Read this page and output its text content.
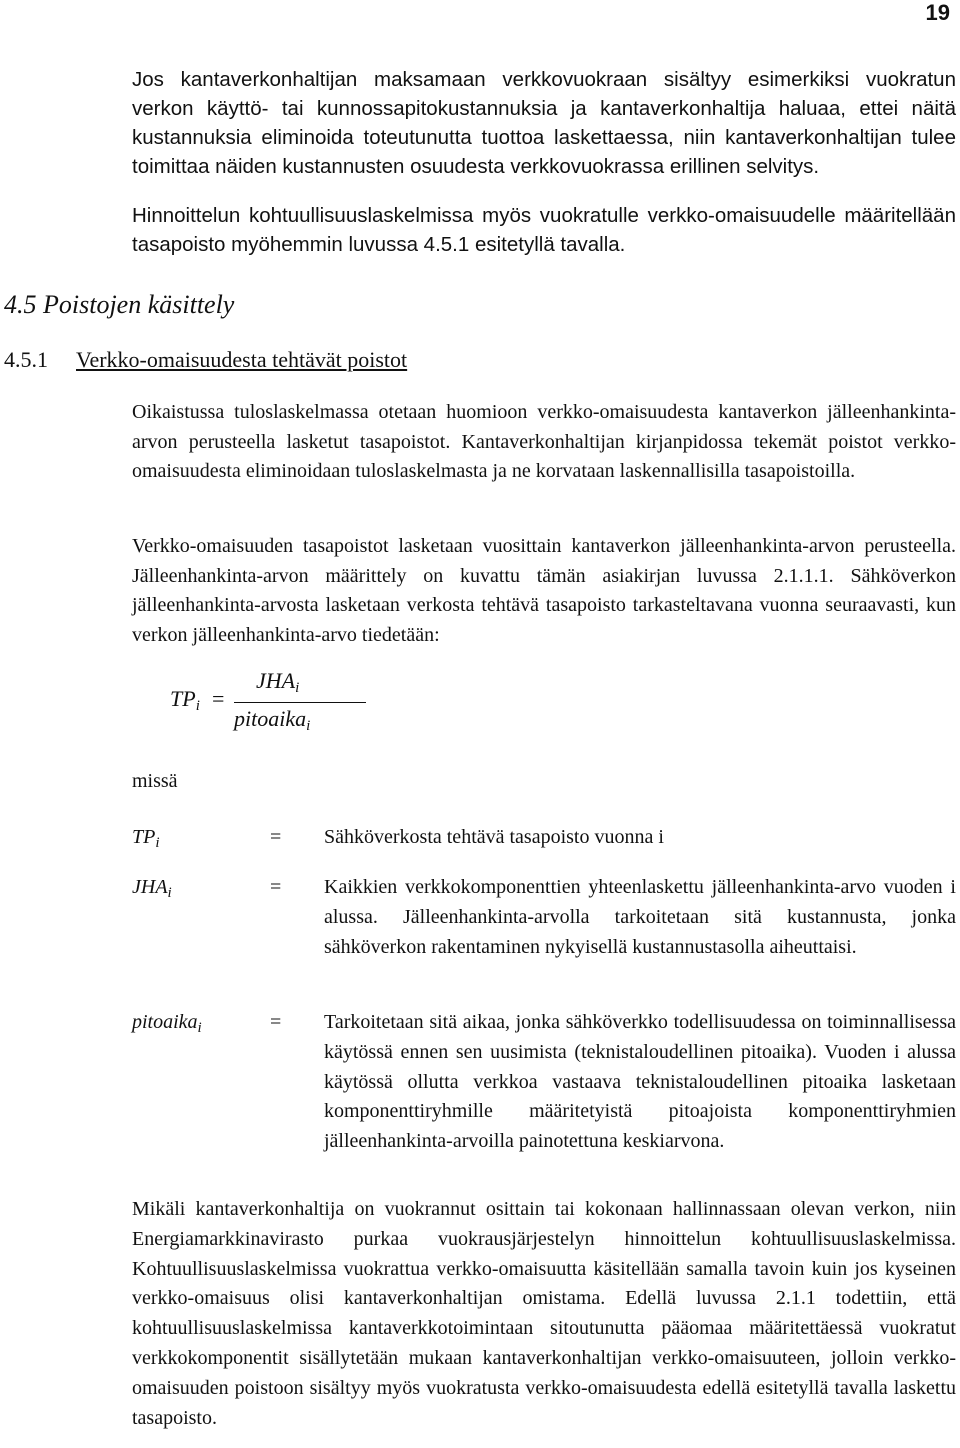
19

Jos kantaverkonhaltijan maksamaan verkkovuokraan sisältyy esimerkiksi vuokratun verkon käyttö- tai kunnossapitokustannuksia ja kantaverkonhaltija haluaa, ettei näitä kustannuksia eliminoida toteutunutta tuottoa laskettaessa, niin kantaverkonhaltijan tulee toimittaa näiden kustannusten osuudesta verkkovuokrassa erillinen selvitys.

Hinnoittelun kohtuullisuuslaskelmissa myös vuokratulle verkko-omaisuudelle määritellään tasapoisto myöhemmin luvussa 4.5.1 esitetyllä tavalla.

4.5 Poistojen käsittely
4.5.1 Verkko-omaisuudesta tehtävät poistot

Oikaistussa tuloslaskelmassa otetaan huomioon verkko-omaisuudesta kantaverkon jälleenhankinta-arvon perusteella lasketut tasapoistot. Kantaverkonhaltijan kirjanpidossa tekemät poistot verkko-omaisuudesta eliminoidaan tuloslaskelmasta ja ne korvataan laskennallisilla tasapoistoilla.

Verkko-omaisuuden tasapoistot lasketaan vuosittain kantaverkon jälleenhankinta-arvon perusteella. Jälleenhankinta-arvon määrittely on kuvattu tämän asiakirjan luvussa 2.1.1.1. Sähköverkon jälleenhankinta-arvosta lasketaan verkosta tehtävä tasapoisto tarkasteltavana vuonna seuraavasti, kun verkon jälleenhankinta-arvo tiedetään:

$TP_i$ =
$JHA_i$
pitoaika$_i$
missä
$TP_i$	= Sähköverkosta tehtävä tasapoisto vuonna i
$JHA_i$	= Kaikkien verkkokomponenttien yhteenlaskettu jälleenhankinta-arvo vuoden i alussa. Jälleenhankinta-arvolla tarkoitetaan sitä kustannusta, jonka sähköverkon rakentaminen nykyisellä kustannustasolla aiheuttaisi.
pitoaika$_i$	= Tarkoitetaan sitä aikaa, jonka sähköverkko todellisuudessa on toiminnallisessa käytössä ennen sen uusimista (teknistaloudellinen pitoaika). Vuoden i alussa käytössä ollutta verkkoa vastaava teknistaloudellinen pitoaika lasketaan komponenttiryhmille määritetyistä pitoajoista komponenttiryhmien jälleenhankinta-arvoilla painotettuna keskiarvona.

Mikäli kantaverkonhaltija on vuokrannut osittain tai kokonaan hallinnassaan olevan verkon, niin Energiamarkkinavirasto purkaa vuokrausjärjestelyn hinnoittelun kohtuullisuuslaskelmissa. Kohtuullisuuslaskelmissa vuokrattua verkko-omaisuutta käsitellään samalla tavoin kuin jos kyseinen verkko-omaisuus olisi kantaverkonhaltijan omistama. Edellä luvussa 2.1.1 todettiin, että kohtuullisuuslaskelmissa kantaverkkotoimintaan sitoutunutta pääomaa määritettäessä vuokratut verkkokomponentit sisällytetään mukaan kantaverkonhaltijan verkko-omaisuuteen, jolloin verkko-omaisuuden poistoon sisältyy myös vuokratusta verkko-omaisuudesta edellä esitetyllä tavalla laskettu tasapoisto.
